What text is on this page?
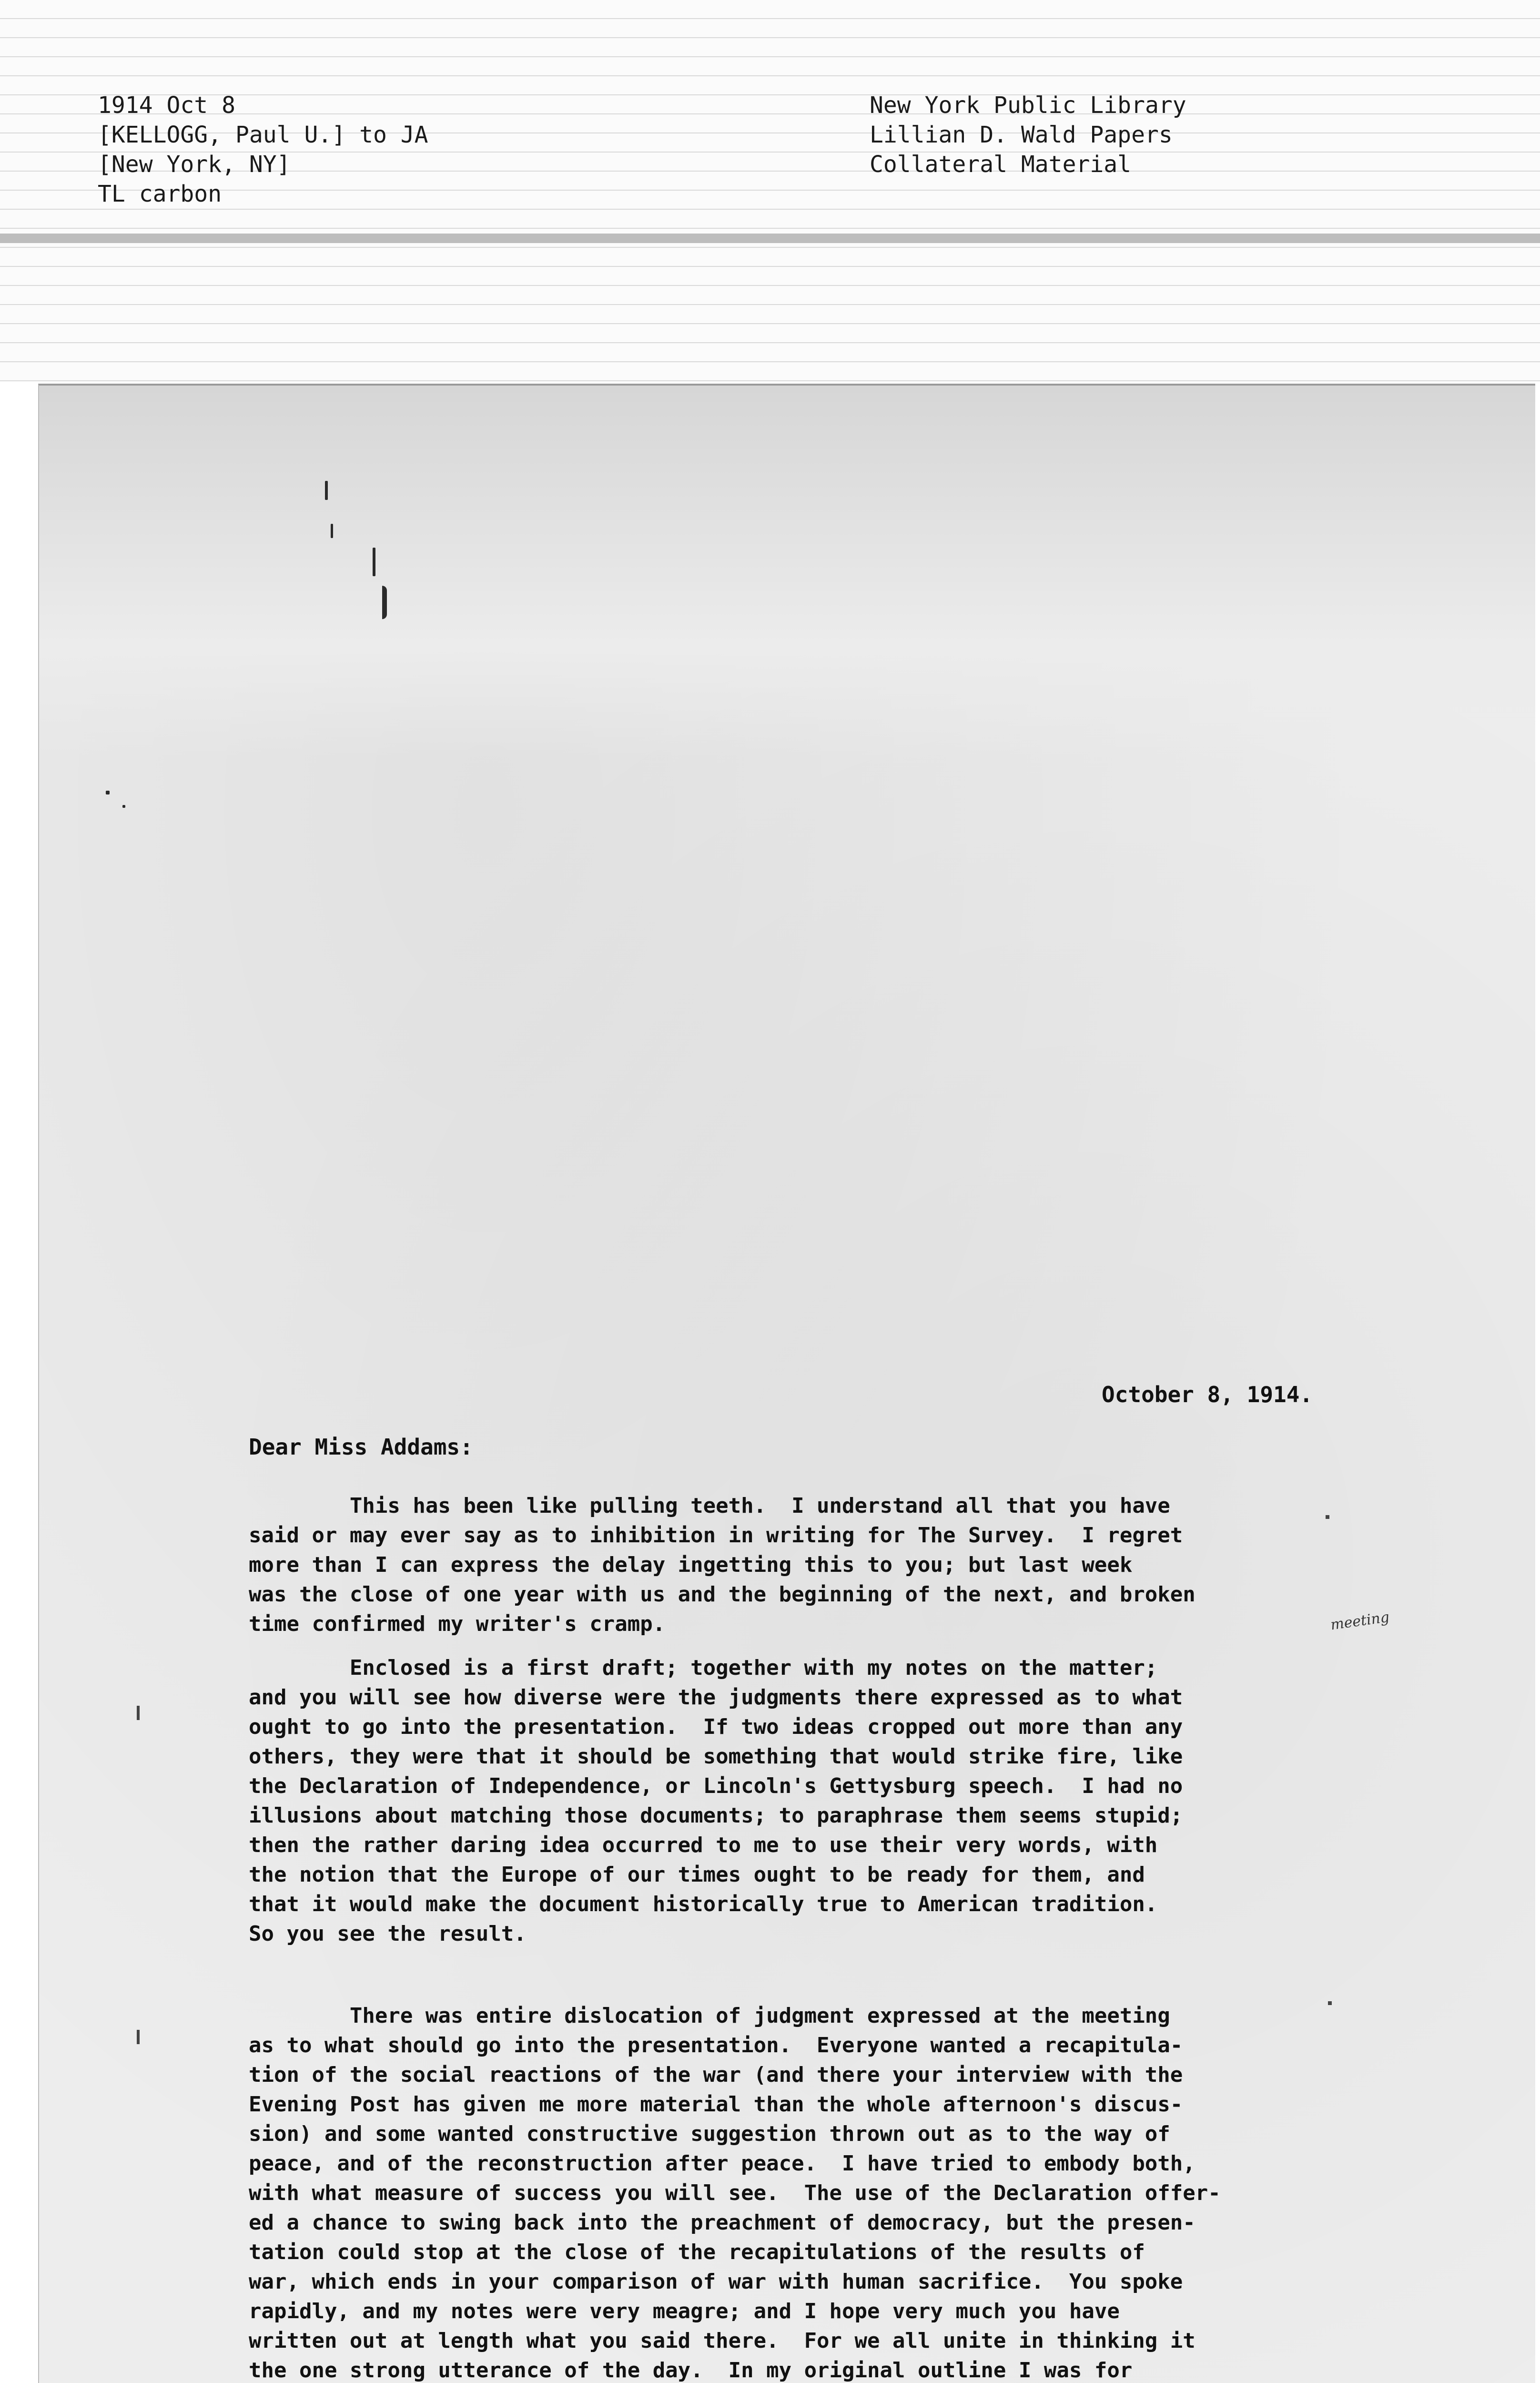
1914 Oct 8
[KELLOGG, Paul U.] to JA
[New York, NY]
TL carbon
New York Public Library
Lillian D. Wald Papers
Collateral Material
October 8, 1914.
Dear Miss Addams:
meeting
This has been like pulling teeth.  I understand all that you have
said or may ever say as to inhibition in writing for The Survey.  I regret
more than I can express the delay ingetting this to you; but last week
was the close of one year with us and the beginning of the next, and broken
time confirmed my writer's cramp.
Enclosed is a first draft; together with my notes on the matter;
and you will see how diverse were the judgments there expressed as to what
ought to go into the presentation.  If two ideas cropped out more than any
others, they were that it should be something that would strike fire, like
the Declaration of Independence, or Lincoln's Gettysburg speech.  I had no
illusions about matching those documents; to paraphrase them seems stupid;
then the rather daring idea occurred to me to use their very words, with
the notion that the Europe of our times ought to be ready for them, and
that it would make the document historically true to American tradition.
So you see the result.
There was entire dislocation of judgment expressed at the meeting
as to what should go into the presentation.  Everyone wanted a recapitula-
tion of the social reactions of the war (and there your interview with the
Evening Post has given me more material than the whole afternoon's discus-
sion) and some wanted constructive suggestion thrown out as to the way of
peace, and of the reconstruction after peace.  I have tried to embody both,
with what measure of success you will see.  The use of the Declaration offer-
ed a chance to swing back into the preachment of democracy, but the presen-
tation could stop at the close of the recapitulations of the results of
war, which ends in your comparison of war with human sacrifice.  You spoke
rapidly, and my notes were very meagre; and I hope very much you have
written out at length what you said there.  For we all unite in thinking it
the one strong utterance of the day.  In my original outline I was for
